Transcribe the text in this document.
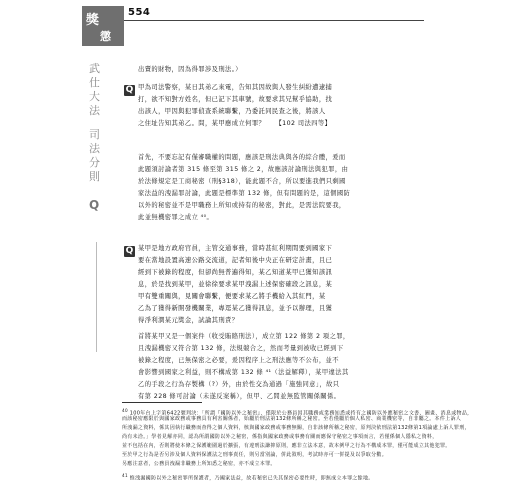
獎
懲
554
武仕大法
司法分則
Q
出賣的財物，因為得罪涉及刑法。）
Q 甲為司法警察，某日其弟乙來電，告知其因故與人發生糾紛遭逮捕
打，欲不知對方姓名，但已記下其車號，故要求其兄幫乎協助，找
出該人，甲因與犯罪偵查系統聯繫，乃委託同民查之後，將該人
之住址告知其弟乙。問，某甲應成立何罪？　　【102 司法四等】
首先，不要忘記有僅審職權的問題，應該是刑法典與各的綜合體，爰而
此題須討論者第 315 條至第 315 條之 2，故應該討論刑法與犯罪，由
於法條規定是工商秘密（刑§318），能此題不合，所以要進我們只剩國
家法益的洩漏罪討論，此題是標準第 132 條，但有問題的是，這個國防
以外的秘密並不是甲職務上所知或持有的秘密，對此，是需法院要我，
此並無機密罪之成立 ⁴⁰。
Q 某甲是地方政府官員，主管交通事務，當時甚紅利期間要到國家下
要在當地設置高速公路交流道，記者知後中央正在研定計畫，且已
經到下被錄的程度，但卻尚無普遍得知，某乙知道某甲已獲知該訊
息，於是找到某甲，並徐徐要求某甲洩漏上述保密確段之訊息，某
甲有雙重關與，見關會聯繫，便要求某乙將手機給入其紅門，某
乙為了獲得新開發機關業，專逕某乙獲得訊息，並予以辦理，且獲
得淨利潤某元獎金，試論其刑責？
首將某甲又是一個案件（收受賄賂刑法），成立第 122 條第 2 項之罪，
且洩漏機密又符合第 132 條，法規競合之，然而考量到被收已經到下
被錄之程度，已無保密之必要，爰因程序上之刑法應等不公布，並不
會影響到國家之利益，則不構成第 132 條 ⁴¹（法益解釋），某甲違法其
乙的手段之行為存製構（?）外，由於性交為通過「施強同意」，故只
有第 228 條可討論（未遂反案稱），但甲、乙間並無監管關係關係。
$^{40}$ 100年台上字第6422號判決：「所謂『國防以外之秘密』，僅限於公務員因其職務或業務知悉或持有之國防以外應秘密之文書、圖畫、消息或物品，
而該秘密應限於與國家政務或事務具有利害關係者，始屬於刑法第132條所稱之秘密。至若僅屬於個人私密、商業機密等，自非屬之。本件上訴人
所洩漏之資料，係其因執行職務而查得之個人資料，核與國家政務或事務無關，自非該條所稱之秘密，原判決依刑法第132條第1項論處上訴人罪刑，
尚有未洽。」學者見解亦同，認為所謂國防以外之秘密，係指與國家政務或事務有關而應保守秘密之事項而言，若僅係個人隱私之資料，
並不包括在內，否則將使本條之保護範圍過於擴張，有違刑法謙抑原則，應非立法本意，故本例甲之行為不構成本罪，僅可能成立其他犯罪。
至於甲之行為是否另涉及個人資料保護法之刑事責任，則另當別論，併此敘明，考試時亦可一併提及以爭取分數。
另應注意者，公務員洩漏非職務上所知悉之秘密，亦不成立本罪。
$^{41}$ 惟洩漏國防以外之秘密罪所保護者，乃國家法益，故若秘密已失其保密必要性時，即無成立本罪之餘地。
